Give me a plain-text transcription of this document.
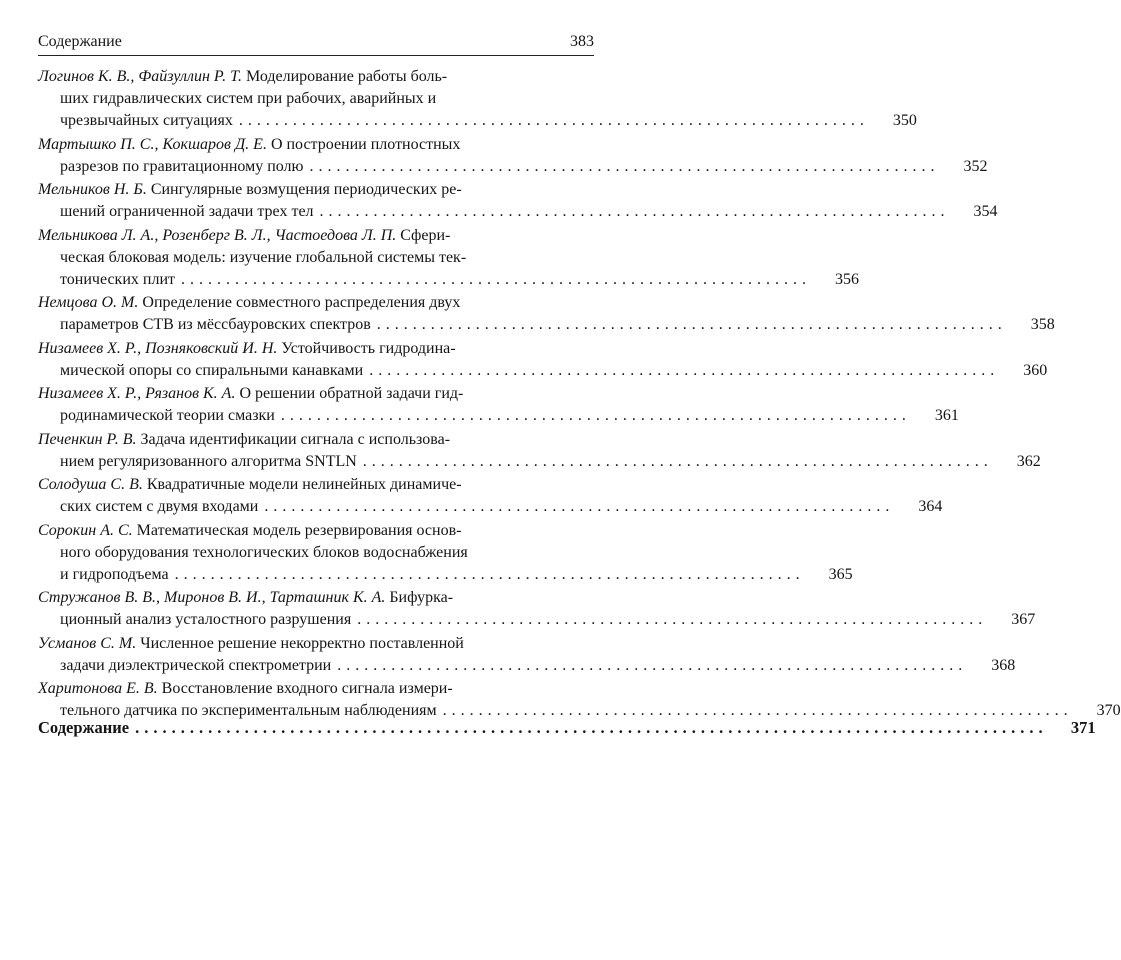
Содержание	383
Логинов К. В., Файзуллин Р. Т. Моделирование работы боль-
ших гидравлических систем при рабочих, аварийных и
чрезвычайных ситуациях ......................................................................	350
Мартышко П. С., Кокшаров Д. Е. О построении плотностных
разрезов по гравитационному полю ......................................................................	352
Мельников Н. Б. Сингулярные возмущения периодических ре-
шений ограниченной задачи трех тел ......................................................................	354
Мельникова Л. А., Розенберг В. Л., Частоедова Л. П. Сфери-
ческая блоковая модель: изучение глобальной системы тек-
тонических плит ......................................................................	356
Немцова О. М. Определение совместного распределения двух
параметров СТВ из мёссбауровских спектров ......................................................................	358
Низамеев Х. Р., Позняковский И. Н. Устойчивость гидродина-
мической опоры со спиральными канавками ......................................................................	360
Низамеев Х. Р., Рязанов К. А. О решении обратной задачи гид-
родинамической теории смазки ......................................................................	361
Печенкин Р. В. Задача идентификации сигнала с использова-
нием регуляризованного алгоритма SNTLN ......................................................................	362
Солодуша С. В. Квадратичные модели нелинейных динамиче-
ских систем с двумя входами ......................................................................	364
Сорокин А. С. Математическая модель резервирования основ-
ного оборудования технологических блоков водоснабжения
и гидроподъема ......................................................................	365
Стружанов В. В., Миронов В. И., Тарташник К. А. Бифурка-
ционный анализ усталостного разрушения ......................................................................	367
Усманов С. М. Численное решение некорректно поставленной
задачи диэлектрической спектрометрии ......................................................................	368
Харитонова Е. В. Восстановление входного сигнала измери-
тельного датчика по экспериментальным наблюдениям ......................................................................	370
Содержание ....................................................................................................	371
